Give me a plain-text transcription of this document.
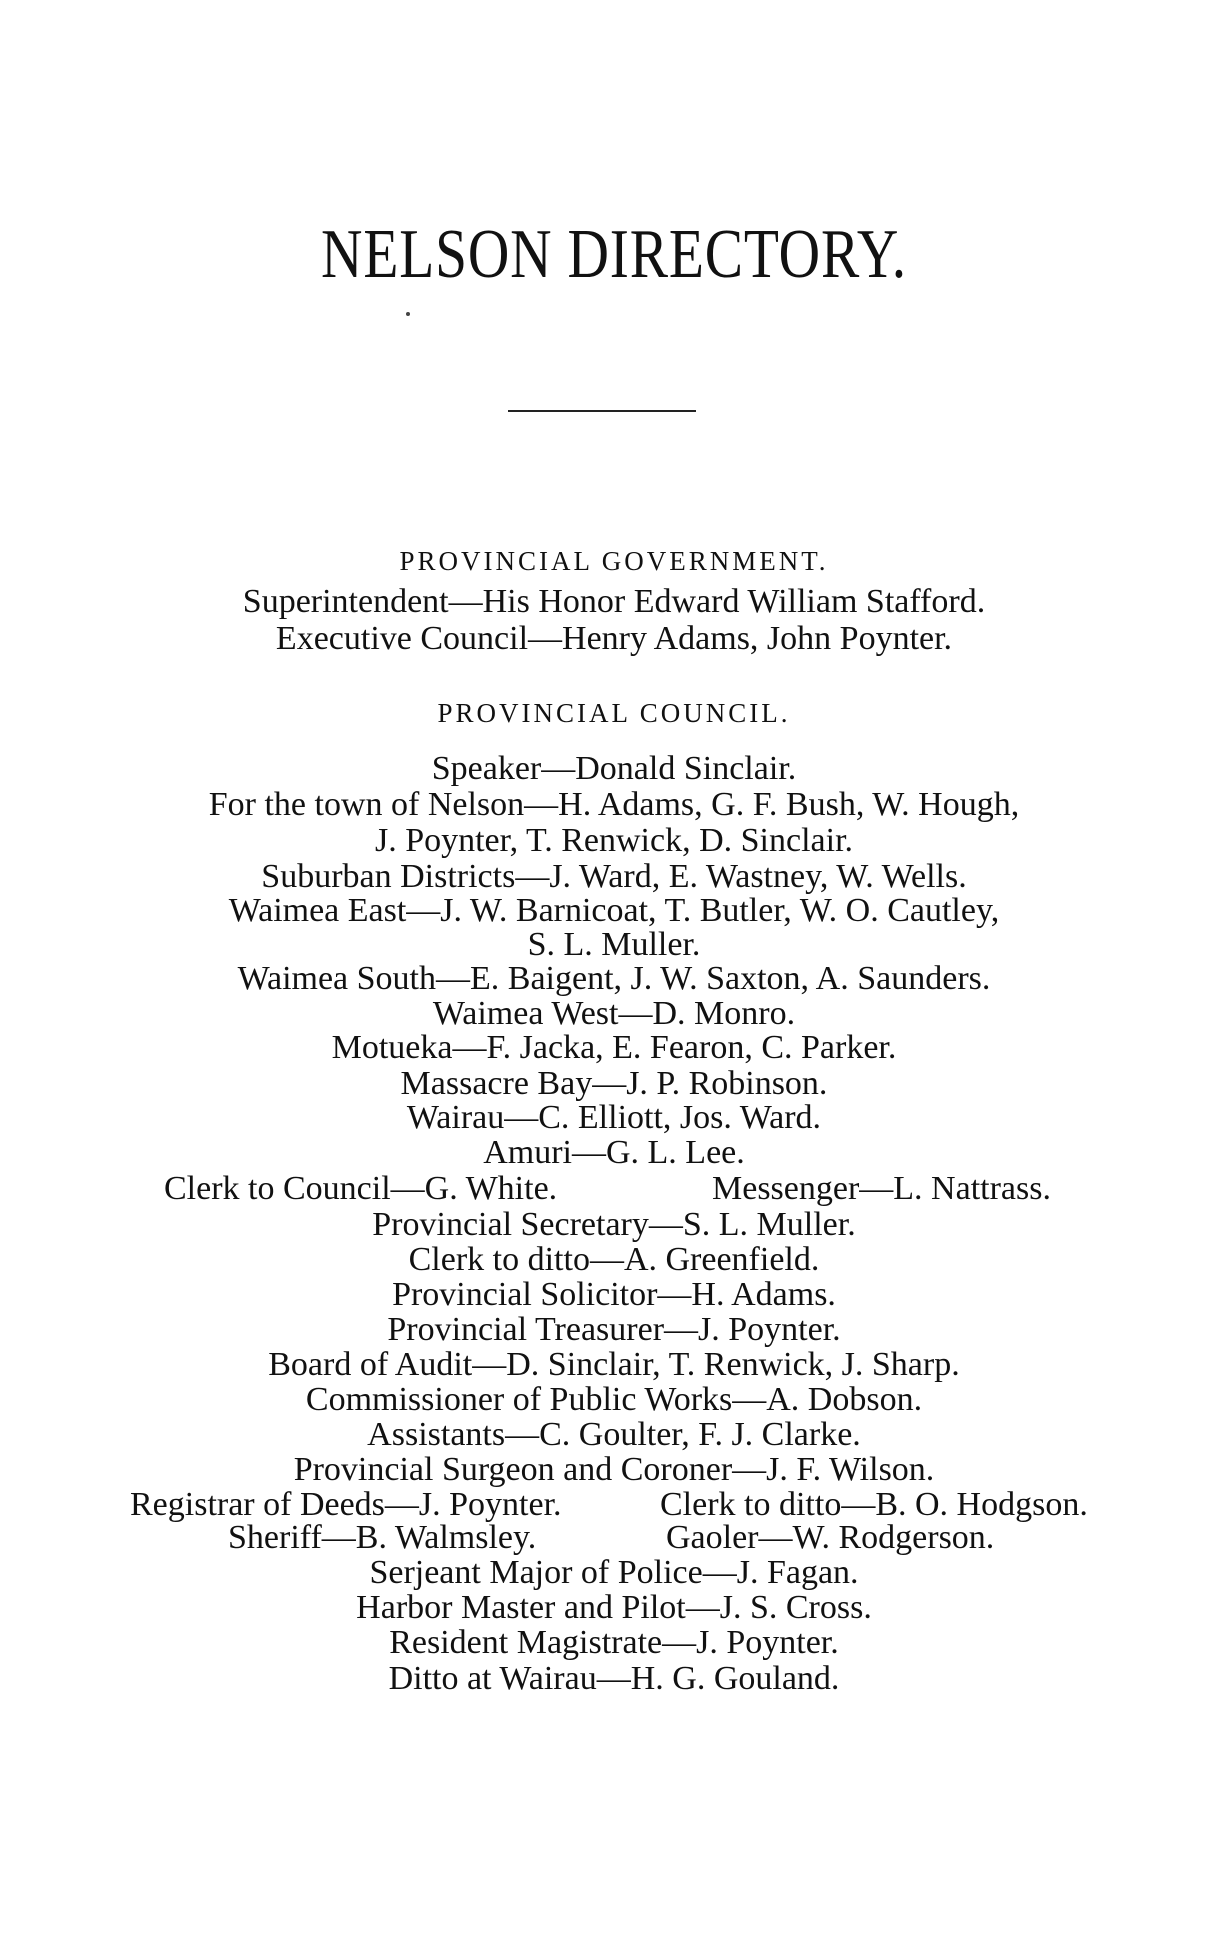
NELSON DIRECTORY.
PROVINCIAL GOVERNMENT.
Superintendent—His Honor Edward William Stafford.
Executive Council—Henry Adams, John Poynter.
PROVINCIAL COUNCIL.
Speaker—Donald Sinclair.
For the town of Nelson—H. Adams, G. F. Bush, W. Hough,
J. Poynter, T. Renwick, D. Sinclair.
Suburban Districts—J. Ward, E. Wastney, W. Wells.
Waimea East—J. W. Barnicoat, T. Butler, W. O. Cautley,
S. L. Muller.
Waimea South—E. Baigent, J. W. Saxton, A. Saunders.
Waimea West—D. Monro.
Motueka—F. Jacka, E. Fearon, C. Parker.
Massacre Bay—J. P. Robinson.
Wairau—C. Elliott, Jos. Ward.
Amuri—G. L. Lee.
Clerk to Council—G. White.	Messenger—L. Nattrass.
Provincial Secretary—S. L. Muller.
Clerk to ditto—A. Greenfield.
Provincial Solicitor—H. Adams.
Provincial Treasurer—J. Poynter.
Board of Audit—D. Sinclair, T. Renwick, J. Sharp.
Commissioner of Public Works—A. Dobson.
Assistants—C. Goulter, F. J. Clarke.
Provincial Surgeon and Coroner—J. F. Wilson.
Registrar of Deeds—J. Poynter.	Clerk to ditto—B. O. Hodgson.
Sheriff—B. Walmsley.	Gaoler—W. Rodgerson.
Serjeant Major of Police—J. Fagan.
Harbor Master and Pilot—J. S. Cross.
Resident Magistrate—J. Poynter.
Ditto at Wairau—H. G. Gouland.
